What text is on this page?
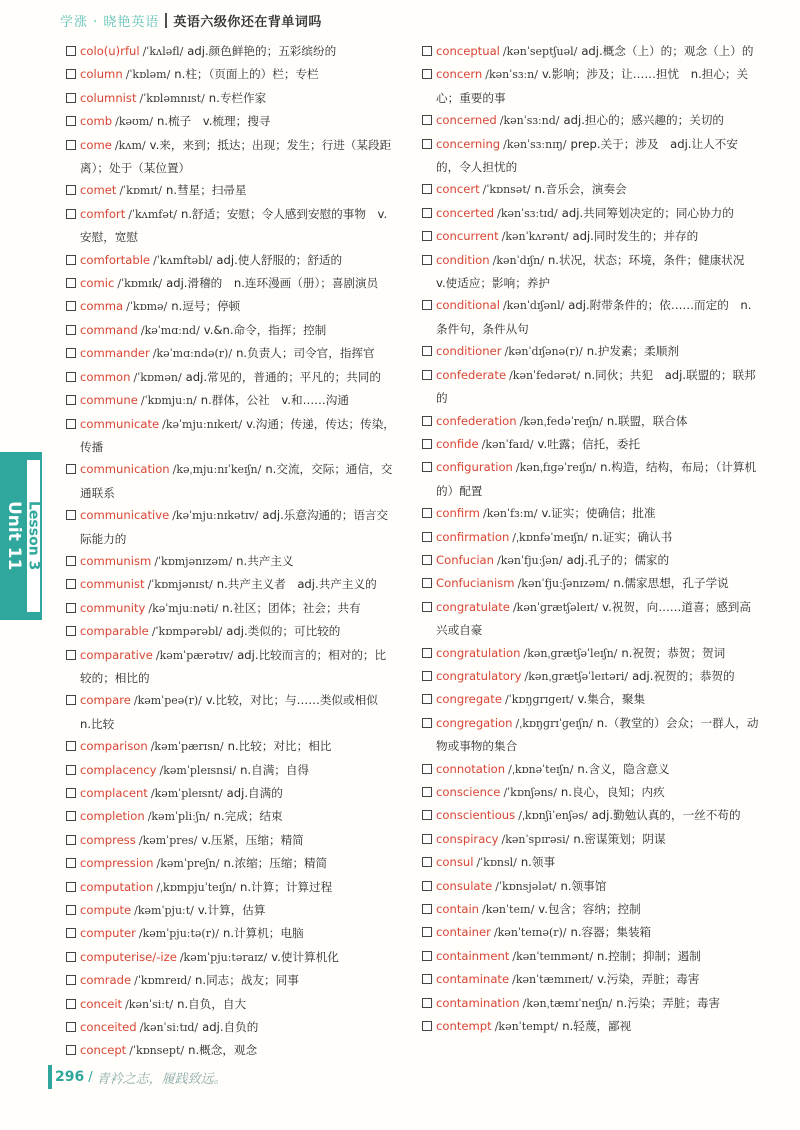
学涨 · 晓艳英语 英语六级你还在背单词吗
Unit 11 Lesson 3
colo(u)rful /ˈkʌləfl/ adj.颜色鲜艳的；五彩缤纷的
column /ˈkɒləm/ n.柱；（页面上的）栏；专栏
columnist /ˈkɒləmnɪst/ n.专栏作家
comb /kəʊm/ n.梳子　v.梳理；搜寻
come /kʌm/ v.来，来到；抵达；出现；发生；行进（某段距离）；处于（某位置）
comet /ˈkɒmɪt/ n.彗星；扫帚星
comfort /ˈkʌmfət/ n.舒适；安慰；令人感到安慰的事物　v.安慰，宽慰
comfortable /ˈkʌmftəbl/ adj.使人舒服的；舒适的
comic /ˈkɒmɪk/ adj.滑稽的　n.连环漫画（册）；喜剧演员
comma /ˈkɒmə/ n.逗号；停顿
command /kəˈmɑːnd/ v.&n.命令，指挥；控制
commander /kəˈmɑːndə(r)/ n.负责人；司令官，指挥官
common /ˈkɒmən/ adj.常见的，普通的；平凡的；共同的
commune /ˈkɒmjuːn/ n.群体，公社　v.和……沟通
communicate /kəˈmjuːnɪkeɪt/ v.沟通；传递，传达；传染，传播
communication /kəˌmjuːnɪˈkeɪʃn/ n.交流，交际；通信，交通联系
communicative /kəˈmjuːnɪkətɪv/ adj.乐意沟通的；语言交际能力的
communism /ˈkɒmjənɪzəm/ n.共产主义
communist /ˈkɒmjənɪst/ n.共产主义者　adj.共产主义的
community /kəˈmjuːnəti/ n.社区；团体；社会；共有
comparable /ˈkɒmpərəbl/ adj.类似的；可比较的
comparative /kəmˈpærətɪv/ adj.比较而言的；相对的；比较的；相比的
compare /kəmˈpeə(r)/ v.比较，对比；与……类似或相似　n.比较
comparison /kəmˈpærɪsn/ n.比较；对比；相比
complacency /kəmˈpleɪsnsi/ n.自满；自得
complacent /kəmˈpleɪsnt/ adj.自满的
completion /kəmˈpliːʃn/ n.完成；结束
compress /kəmˈpres/ v.压紧，压缩；精简
compression /kəmˈpreʃn/ n.浓缩；压缩；精简
computation /ˌkɒmpjuˈteɪʃn/ n.计算；计算过程
compute /kəmˈpjuːt/ v.计算，估算
computer /kəmˈpjuːtə(r)/ n.计算机；电脑
computerise/-ize /kəmˈpjuːtəraɪz/ v.使计算机化
comrade /ˈkɒmreɪd/ n.同志；战友；同事
conceit /kənˈsiːt/ n.自负，自大
conceited /kənˈsiːtɪd/ adj.自负的
concept /ˈkɒnsept/ n.概念，观念
conceptual /kənˈseptʃuəl/ adj.概念（上）的；观念（上）的
concern /kənˈsɜːn/ v.影响；涉及；让……担忧　n.担心；关心；重要的事
concerned /kənˈsɜːnd/ adj.担心的；感兴趣的；关切的
concerning /kənˈsɜːnɪŋ/ prep.关于；涉及　adj.让人不安的，令人担忧的
concert /ˈkɒnsət/ n.音乐会，演奏会
concerted /kənˈsɜːtɪd/ adj.共同筹划决定的；同心协力的
concurrent /kənˈkʌrənt/ adj.同时发生的；并存的
condition /kənˈdɪʃn/ n.状况，状态；环境，条件；健康状况　v.使适应；影响；养护
conditional /kənˈdɪʃənl/ adj.附带条件的；依……而定的　n.条件句，条件从句
conditioner /kənˈdɪʃənə(r)/ n.护发素；柔顺剂
confederate /kənˈfedərət/ n.同伙；共犯　adj.联盟的；联邦的
confederation /kənˌfedəˈreɪʃn/ n.联盟，联合体
confide /kənˈfaɪd/ v.吐露；信托，委托
configuration /kənˌfɪɡəˈreɪʃn/ n.构造，结构，布局；（计算机的）配置
confirm /kənˈfɜːm/ v.证实；使确信；批准
confirmation /ˌkɒnfəˈmeɪʃn/ n.证实；确认书
Confucian /kənˈfjuːʃən/ adj.孔子的；儒家的
Confucianism /kənˈfjuːʃənɪzəm/ n.儒家思想，孔子学说
congratulate /kənˈɡrætʃəleɪt/ v.祝贺，向……道喜；感到高兴或自豪
congratulation /kənˌɡrætʃəˈleɪʃn/ n.祝贺；恭贺；贺词
congratulatory /kənˌɡrætʃəˈleɪtəri/ adj.祝贺的；恭贺的
congregate /ˈkɒŋɡrɪɡeɪt/ v.集合，聚集
congregation /ˌkɒŋɡrɪˈɡeɪʃn/ n.（教堂的）会众；一群人，动物或事物的集合
connotation /ˌkɒnəˈteɪʃn/ n.含义，隐含意义
conscience /ˈkɒnʃəns/ n.良心，良知；内疚
conscientious /ˌkɒnʃiˈenʃəs/ adj.勤勉认真的，一丝不苟的
conspiracy /kənˈspɪrəsi/ n.密谋策划；阴谋
consul /ˈkɒnsl/ n.领事
consulate /ˈkɒnsjələt/ n.领事馆
contain /kənˈteɪn/ v.包含；容纳；控制
container /kənˈteɪnə(r)/ n.容器；集装箱
containment /kənˈteɪnmənt/ n.控制；抑制；遏制
contaminate /kənˈtæmɪneɪt/ v.污染，弄脏；毒害
contamination /kənˌtæmɪˈneɪʃn/ n.污染；弄脏；毒害
contempt /kənˈtempt/ n.轻蔑，鄙视
296 / 青衿之志，履践致远。
